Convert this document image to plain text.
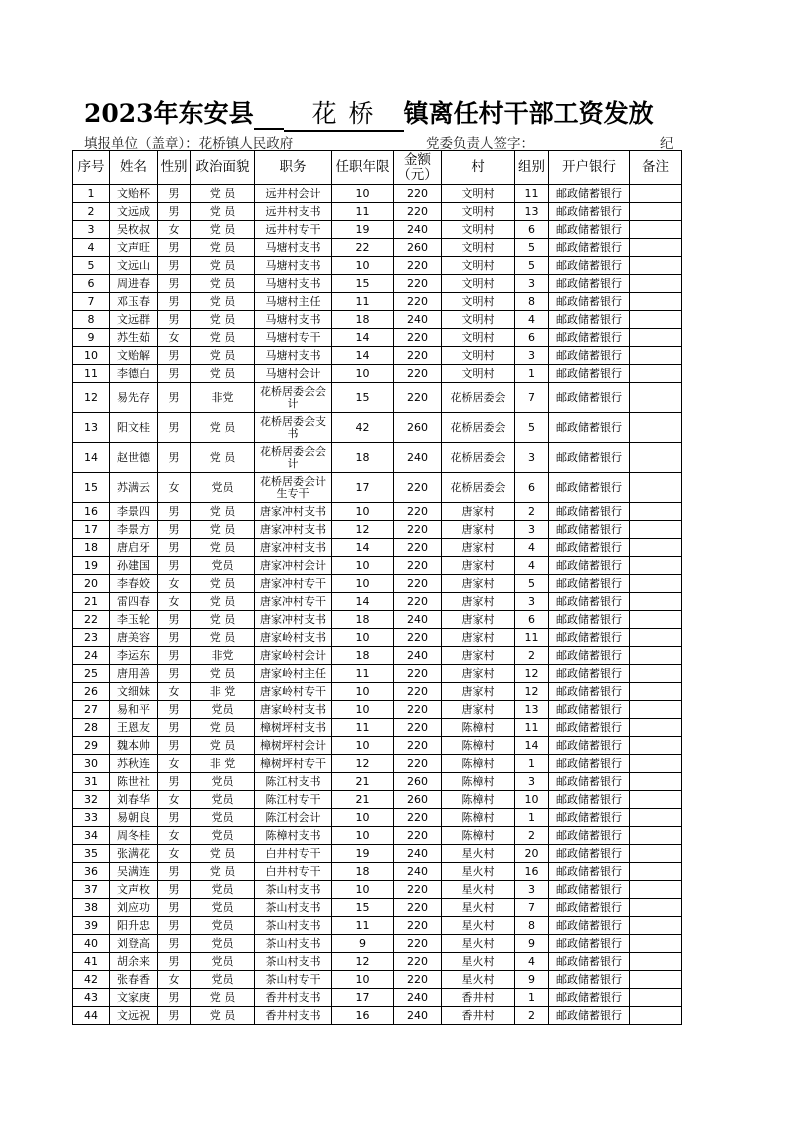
2023年东安县 花 桥 镇离任村干部工资发放
填报单位（盖章）：花桥镇人民政府	党委负责人签字：	纪
序号	姓名	性别	政治面貌	职务	任职年限	金额（元）	村	组别	开户银行	备注
1	文贻杯	男	党 员	远井村会计	10	220	文明村	11	邮政储蓄银行	
2	文远成	男	党 员	远井村支书	11	220	文明村	13	邮政储蓄银行	
3	吴枚叔	女	党 员	远井村专干	19	240	文明村	6	邮政储蓄银行	
4	文声旺	男	党 员	马塘村支书	22	260	文明村	5	邮政储蓄银行	
5	文远山	男	党 员	马塘村支书	10	220	文明村	5	邮政储蓄银行	
6	周进春	男	党 员	马塘村支书	15	220	文明村	3	邮政储蓄银行	
7	邓玉春	男	党 员	马塘村主任	11	220	文明村	8	邮政储蓄银行	
8	文远群	男	党 员	马塘村支书	18	240	文明村	4	邮政储蓄银行	
9	苏生茹	女	党 员	马塘村专干	14	220	文明村	6	邮政储蓄银行	
10	文贻解	男	党 员	马塘村支书	14	220	文明村	3	邮政储蓄银行	
11	李德白	男	党 员	马塘村会计	10	220	文明村	1	邮政储蓄银行	
12	易先存	男	非党	花桥居委会会计	15	220	花桥居委会	7	邮政储蓄银行	
13	阳文桂	男	党 员	花桥居委会支书	42	260	花桥居委会	5	邮政储蓄银行	
14	赵世德	男	党 员	花桥居委会会计	18	240	花桥居委会	3	邮政储蓄银行	
15	苏满云	女	党员	花桥居委会计生专干	17	220	花桥居委会	6	邮政储蓄银行	
16	李景四	男	党 员	唐家冲村支书	10	220	唐家村	2	邮政储蓄银行	
17	李景方	男	党 员	唐家冲村支书	12	220	唐家村	3	邮政储蓄银行	
18	唐启牙	男	党 员	唐家冲村支书	14	220	唐家村	4	邮政储蓄银行	
19	孙建国	男	党员	唐家冲村会计	10	220	唐家村	4	邮政储蓄银行	
20	李春姣	女	党 员	唐家冲村专干	10	220	唐家村	5	邮政储蓄银行	
21	雷四春	女	党 员	唐家冲村专干	14	220	唐家村	3	邮政储蓄银行	
22	李玉轮	男	党 员	唐家冲村支书	18	240	唐家村	6	邮政储蓄银行	
23	唐美容	男	党 员	唐家岭村支书	10	220	唐家村	11	邮政储蓄银行	
24	李运东	男	非党	唐家岭村会计	18	240	唐家村	2	邮政储蓄银行	
25	唐用善	男	党 员	唐家岭村主任	11	220	唐家村	12	邮政储蓄银行	
26	文细妹	女	非 党	唐家岭村专干	10	220	唐家村	12	邮政储蓄银行	
27	易和平	男	党员	唐家岭村支书	10	220	唐家村	13	邮政储蓄银行	
28	王恩友	男	党 员	樟树坪村支书	11	220	陈樟村	11	邮政储蓄银行	
29	魏本帅	男	党 员	樟树坪村会计	10	220	陈樟村	14	邮政储蓄银行	
30	苏秋连	女	非 党	樟树坪村专干	12	220	陈樟村	1	邮政储蓄银行	
31	陈世社	男	党员	陈江村支书	21	260	陈樟村	3	邮政储蓄银行	
32	刘春华	女	党员	陈江村专干	21	260	陈樟村	10	邮政储蓄银行	
33	易朝良	男	党员	陈江村会计	10	220	陈樟村	1	邮政储蓄银行	
34	周冬桂	女	党员	陈樟村支书	10	220	陈樟村	2	邮政储蓄银行	
35	张满花	女	党 员	白井村专干	19	240	星火村	20	邮政储蓄银行	
36	吴满连	男	党 员	白井村专干	18	240	星火村	16	邮政储蓄银行	
37	文声枚	男	党员	茶山村支书	10	220	星火村	3	邮政储蓄银行	
38	刘应功	男	党员	茶山村支书	15	220	星火村	7	邮政储蓄银行	
39	阳升忠	男	党员	茶山村支书	11	220	星火村	8	邮政储蓄银行	
40	刘登高	男	党员	茶山村支书	9	220	星火村	9	邮政储蓄银行	
41	胡余来	男	党员	茶山村支书	12	220	星火村	4	邮政储蓄银行	
42	张春香	女	党员	茶山村专干	10	220	星火村	9	邮政储蓄银行	
43	文家庚	男	党 员	香井村支书	17	240	香井村	1	邮政储蓄银行	
44	文远祝	男	党 员	香井村支书	16	240	香井村	2	邮政储蓄银行	
